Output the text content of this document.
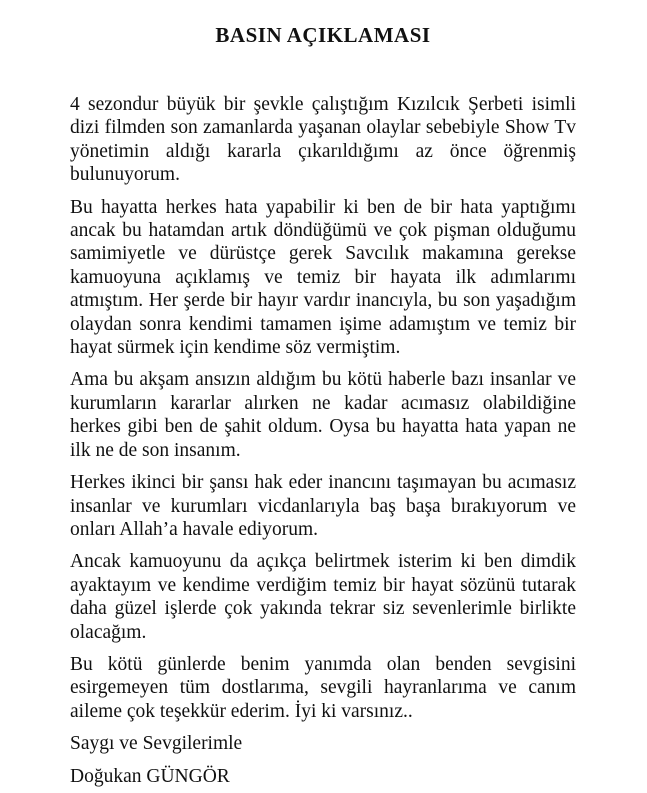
BASIN AÇIKLAMASI

4 sezondur büyük bir şevkle çalıştığım Kızılcık Şerbeti isimli dizi filmden son zamanlarda yaşanan olaylar sebebiyle Show Tv yönetimin aldığı kararla çıkarıldığımı az önce öğrenmiş bulunuyorum.

Bu hayatta herkes hata yapabilir ki ben de bir hata yaptığımı ancak bu hatamdan artık döndüğümü ve çok pişman olduğumu samimiyetle ve dürüstçe gerek Savcılık makamına gerekse kamuoyuna açıklamış ve temiz bir hayata ilk adımlarımı atmıştım. Her şerde bir hayır vardır inancıyla, bu son yaşadığım olaydan sonra kendimi tamamen işime adamıştım ve temiz bir hayat sürmek için kendime söz vermiştim.

Ama bu akşam ansızın aldığım bu kötü haberle bazı insanlar ve kurumların kararlar alırken ne kadar acımasız olabildiğine herkes gibi ben de şahit oldum. Oysa bu hayatta hata yapan ne ilk ne de son insanım.

Herkes ikinci bir şansı hak eder inancını taşımayan bu acımasız insanlar ve kurumları vicdanlarıyla baş başa bırakıyorum ve onları Allah’a havale ediyorum.

Ancak kamuoyunu da açıkça belirtmek isterim ki ben dimdik ayaktayım ve kendime verdiğim temiz bir hayat sözünü tutarak daha güzel işlerde çok yakında tekrar siz sevenlerimle birlikte olacağım.

Bu kötü günlerde benim yanımda olan benden sevgisini esirgemeyen tüm dostlarıma, sevgili hayranlarıma ve canım aileme çok teşekkür ederim. İyi ki varsınız..

Saygı ve Sevgilerimle

Doğukan GÜNGÖR
